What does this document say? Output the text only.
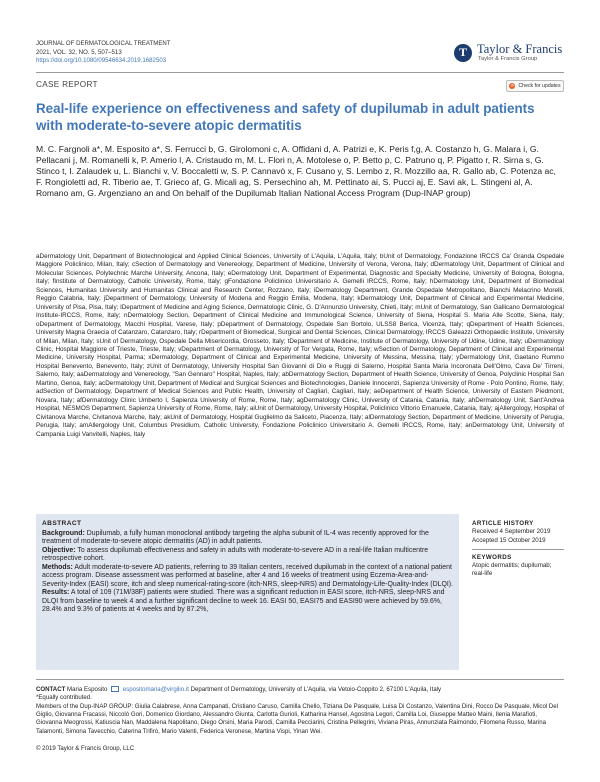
JOURNAL OF DERMATOLOGICAL TREATMENT
2021, VOL. 32, NO. 5, 507–513
https://doi.org/10.1080/09546634.2019.1682503
T Taylor & Francis
Taylor & Francis Group
CASE REPORT	⟳ Check for updates
Real-life experience on effectiveness and safety of dupilumab in adult patients with moderate-to-severe atopic dermatitis
M. C. Fargnoli a*, M. Esposito a*, S. Ferrucci b, G. Girolomoni c, A. Offidani d, A. Patrizi e, K. Peris f,g, A. Costanzo h, G. Malara i, G. Pellacani j, M. Romanelli k, P. Amerio l, A. Cristaudo m, M. L. Flori n, A. Motolese o, P. Betto p, C. Patruno q, P. Pigatto r, R. Sirna s, G. Stinco t, I. Zalaudek u, L. Bianchi v, V. Boccaletti w, S. P. Cannavò x, F. Cusano y, S. Lembo z, R. Mozzillo aa, R. Gallo ab, C. Potenza ac, F. Rongioletti ad, R. Tiberio ae, T. Grieco af, G. Micali ag, S. Persechino ah, M. Pettinato ai, S. Pucci aj, E. Savi ak, L. Stingeni al, A. Romano am, G. Argenziano an and On behalf of the Dupilumab Italian National Access Program (Dup-INAP group)
aDermatology Unit, Department of Biotechnological and Applied Clinical Sciences, University of L'Aquila, L'Aquila, Italy; bUnit of Dermatology, Fondazione IRCCS Ca' Granda Ospedale Maggiore Policlinico, Milan, Italy; cSection of Dermatology and Venereology, Department of Medicine, University of Verona, Verona, Italy; dDermatology Unit, Department of Clinical and Molecular Sciences, Polytechnic Marche University, Ancona, Italy; eDermatology Unit, Department of Experimental, Diagnostic and Specialty Medicine, University of Bologna, Bologna, Italy; fInstitute of Dermatology, Catholic University, Rome, Italy; gFondazione Policlinico Universitario A. Gemelli IRCCS, Rome, Italy; hDermatology Unit, Department of Biomedical Sciences, Humanitas University and Humanitas Clinical and Research Center, Rozzano, Italy; iDermatology Department, Grande Ospedale Metropolitano, Bianchi Melacrino Morelli, Reggio Calabria, Italy; jDepartment of Dermatology, University of Modena and Reggio Emilia, Modena, Italy; kDermatology Unit, Department of Clinical and Experimental Medicine, University of Pisa, Pisa, Italy; lDepartment of Medicine and Aging Science, Dermatologic Clinic, G. D'Annunzio University, Chieti, Italy; mUnit of Dermatology, San Gallicano Dermatological Institute-IRCCS, Rome, Italy; nDermatology Section, Department of Clinical Medicine and Immunological Science, University of Siena, Hospital S. Maria Alle Scotte, Siena, Italy; oDepartment of Dermatology, Macchi Hospital, Varese, Italy; pDepartment of Dermatology, Ospedale San Bortolo, ULSS8 Berica, Vicenza, Italy; qDepartment of Health Sciences, University Magna Graecia of Catanzaro, Catanzaro, Italy; rDepartment of Biomedical, Surgical and Dental Sciences, Clinical Dermatology, IRCCS Galeazzi Orthopaedic Institute, University of Milan, Milan, Italy; sUnit of Dermatology, Ospedale Della Misericordia, Grosseto, Italy; tDepartment of Medicine, Institute of Dermatology, University of Udine, Udine, Italy; uDermatology Clinic, Hospital Maggiore of Trieste, Trieste, Italy; vDepartment of Dermatology, University of Tor Vergata, Rome, Italy; wSection of Dermatology, Department of Clinical and Experimental Medicine, University Hospital, Parma; xDermatology, Department of Clinical and Experimental Medicine, University of Messina, Messina, Italy; yDermatology Unit, Gaetano Rummo Hospital Benevento, Benevento, Italy; zUnit of Dermatology, University Hospital San Giovanni di Dio e Ruggi di Salerno, Hospital Santa Maria Incoronata Dell'Olmo, Cava De' Tirreni, Salerno, Italy; aaDermatology and Venereology, "San Gennaro" Hospital, Naples, Italy; abDermatology Section, Department of Health Science, University of Genoa, Polyclinic Hospital San Martino, Genoa, Italy; acDermatology Unit, Department of Medical and Surgical Sciences and Biotechnologies, Daniele Innocenzi, Sapienza University of Rome - Polo Pontino, Rome, Italy; adSection of Dermatology, Department of Medical Sciences and Public Health, University of Cagliari, Cagliari, Italy; aeDepartment of Health Science, University of Eastern Piedmont, Novara, Italy; afDermatology Clinic Umberto I, Sapienza University of Rome, Rome, Italy; agDermatology Clinic, University of Catania, Catania, Italy; ahDermatology Unit, Sant'Andrea Hospital, NESMOS Department, Sapienza University of Rome, Rome, Italy; aiUnit of Dermatology, University Hospital, Policlinico Vittorio Emanuele, Catania, Italy; ajAllergology, Hospital of Civitanova Marche, Civitanova Marche, Italy; akUnit of Dermatology, Hospital Guglielmo da Saliceto, Piacenza, Italy; alDermatology Section, Department of Medicine, University of Perugia, Perugia, Italy; amAllergology Unit, Columbus Presidium, Catholic University, Fondazione Policlinico Universitario A. Gemelli IRCCS, Rome, Italy; anDermatology Unit, University of Campania Luigi Vanvitelli, Naples, Italy
ABSTRACT

Background: Dupilumab, a fully human monoclonal antibody targeting the alpha subunit of IL-4 was recently approved for the treatment of moderate-to-severe atopic dermatitis (AD) in adult patients.

Objective: To assess dupilumab effectiveness and safety in adults with moderate-to-severe AD in a real-life Italian multicentre retrospective cohort.

Methods: Adult moderate-to-severe AD patients, referring to 39 Italian centers, received dupilumab in the context of a national patient access program. Disease assessment was performed at baseline, after 4 and 16 weeks of treatment using Eczema-Area-and-Severity-Index (EASI) score, itch and sleep numerical-rating-score (itch-NRS, sleep-NRS) and Dermatology-Life-Quality-Index (DLQI).

Results: A total of 109 (71M/38F) patients were studied. There was a significant reduction in EASI score, itch-NRS, sleep-NRS and DLQI from baseline to week 4 and a further significant decline to week 16. EASI 50, EASI75 and EASI90 were achieved by 59.6%, 28.4% and 9.3% of patients at 4 weeks and by 87.2%,

ARTICLE HISTORY
Received 4 September 2019
Accepted 15 October 2019
KEYWORDS
Atopic dermatitis; dupilumab; real-life
CONTACT Maria Esposito	espositomaria@virgilio.it Department of Dermatology, University of L'Aquila, via Vetoio-Coppito 2, 67100 L'Aquila, Italy
*Equally contributed.
Members of the Dup-INAP GROUP: Giulia Calabrese, Anna Campanati, Cristiano Caruso, Camilla Chello, Tiziana De Pasquale, Luisa Di Costanzo, Valentina Dini, Rocco De Pasquale, Micol Del Giglio, Giovanna Fracassi, Niccolò Gori, Domenico Giordano, Alessandro Giunta, Carlotta Gurioli, Katharina Hansel, Agostina Legori, Camilla Loi, Giuseppe Matteo Maini, Ilenia Marafioti, Giovanna Meogrossi, Katiuscia Nan, Maddalena Napolitano, Diego Orsini, Maria Parodi, Camilla Pecciarini, Cristina Pellegrini, Viviana Piras, Annunziata Raimondo, Filomena Russo, Marina Talamonti, Simona Tavecchio, Caterina Trifirò, Mario Valenti, Federica Veronese, Martina Vispi, Yinan Wei.
© 2019 Taylor & Francis Group, LLC
